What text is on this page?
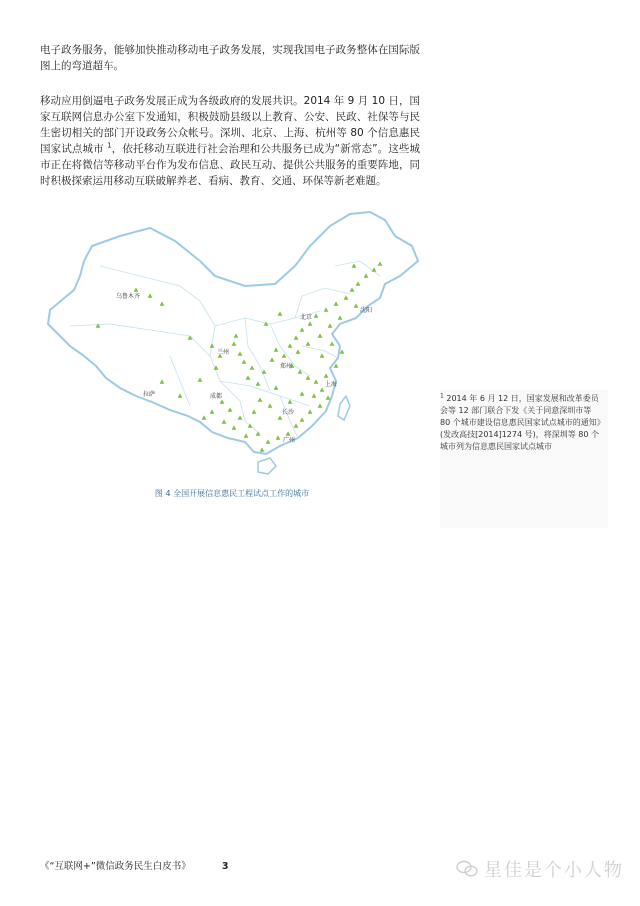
电子政务服务，能够加快推动移动电子政务发展，实现我国电子政务整体在国际版图上的弯道超车。
移动应用倒逼电子政务发展正成为各级政府的发展共识。2014 年 9 月 10 日，国家互联网信息办公室下发通知，积极鼓励县级以上教育、公安、民政、社保等与民生密切相关的部门开设政务公众帐号。深圳、北京、上海、杭州等 80 个信息惠民国家试点城市 $^1$，依托移动互联进行社会治理和公共服务已成为“新常态”。这些城市正在将微信等移动平台作为发布信息、政民互动、提供公共服务的重要阵地，同时积极探索运用移动互联破解养老、看病、教育、交通、环保等新老难题。
乌鲁木齐
沈阳
北京
兰州
郑州
拉萨	成都
上海
长沙
广州
图 4 全国开展信息惠民工程试点工作的城市
$^1$ 2014 年 6 月 12 日，国家发展和改革委员会等 12 部门联合下发《关于同意深圳市等 80 个城市建设信息惠民国家试点城市的通知》(发改高技[2014]1274 号)，将深圳等 80 个城市列为信息惠民国家试点城市
《“互联网+”微信政务民生白皮书》	3	星佳是个小人物
